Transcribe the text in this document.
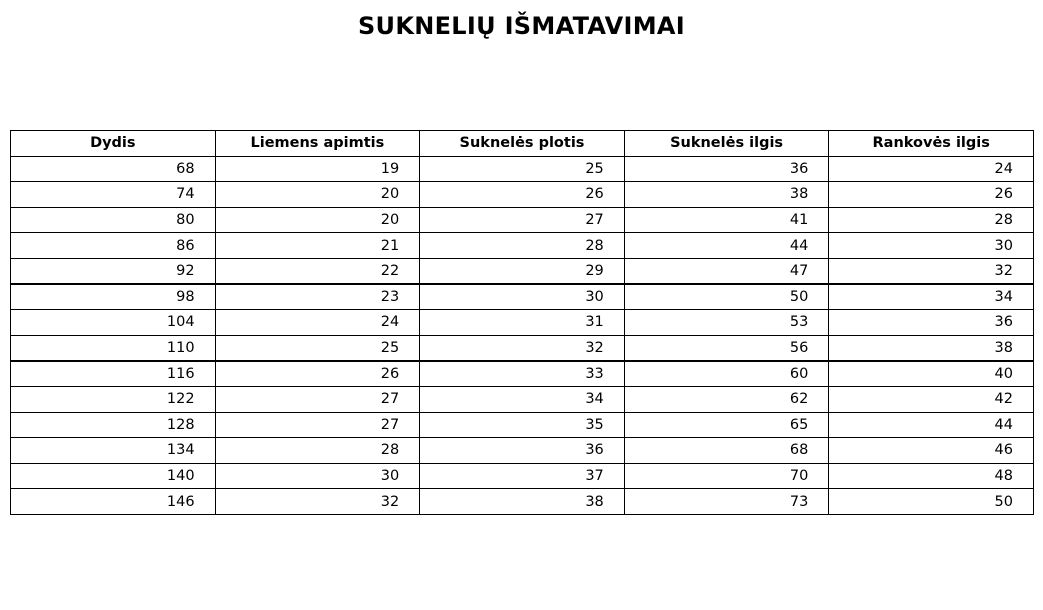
SUKNELIŲ IŠMATAVIMAI
Dydis	Liemens apimtis	Suknelės plotis	Suknelės ilgis	Rankovės ilgis
68	19	25	36	24
74	20	26	38	26
80	20	27	41	28
86	21	28	44	30
92	22	29	47	32
98	23	30	50	34
104	24	31	53	36
110	25	32	56	38
116	26	33	60	40
122	27	34	62	42
128	27	35	65	44
134	28	36	68	46
140	30	37	70	48
146	32	38	73	50
